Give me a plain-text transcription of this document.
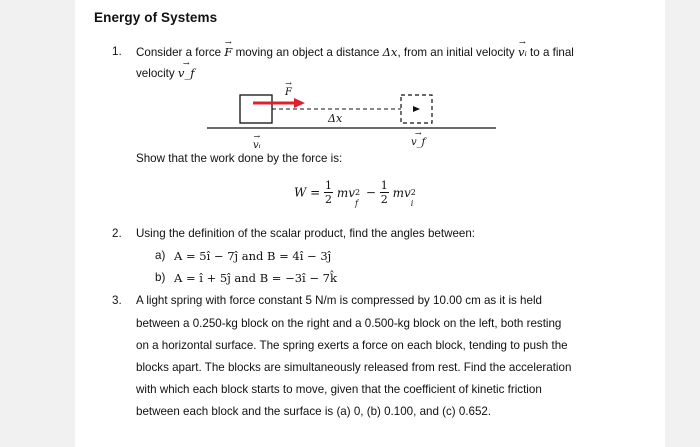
Energy of Systems
1. Consider a force → F moving an object a distance Δx, from an initial velocity → vᵢ to a final
velocity → v_f
→ F
Δx
→ vᵢ
→	v_f
Show that the work done by the force is:
$W = \frac{1}{2}$ mv 2
f
− $\frac{1}{2}$ mv 2
i
2. Using the definition of the scalar product, find the angles between:
a) A = 5î − 7ĵ and B = 4î − 3ĵ
b) A = î + 5ĵ and B = −3î − 7k̂
3. A light spring with force constant 5 N/m is compressed by 10.00 cm as it is held
between a 0.250-kg block on the right and a 0.500-kg block on the left, both resting
on a horizontal surface. The spring exerts a force on each block, tending to push the
blocks apart. The blocks are simultaneously released from rest. Find the acceleration
with which each block starts to move, given that the coefficient of kinetic friction
between each block and the surface is (a) 0, (b) 0.100, and (c) 0.652.
